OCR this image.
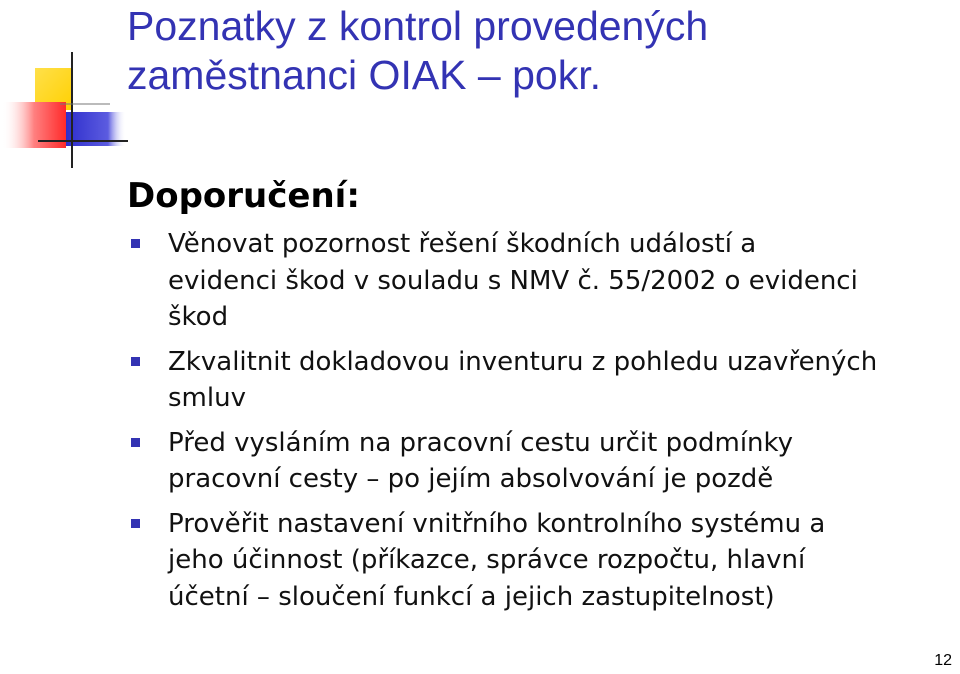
Poznatky z kontrol provedených
zaměstnanci OIAK – pokr.
Doporučení:
Věnovat pozornost řešení škodních událostí a
evidenci škod v souladu s NMV č. 55/2002 o evidenci
škod
Zkvalitnit dokladovou inventuru z pohledu uzavřených
smluv
Před vysláním na pracovní cestu určit podmínky
pracovní cesty – po jejím absolvování je pozdě
Prověřit nastavení vnitřního kontrolního systému a
jeho účinnost (příkazce, správce rozpočtu, hlavní
účetní – sloučení funkcí a jejich zastupitelnost)
12
